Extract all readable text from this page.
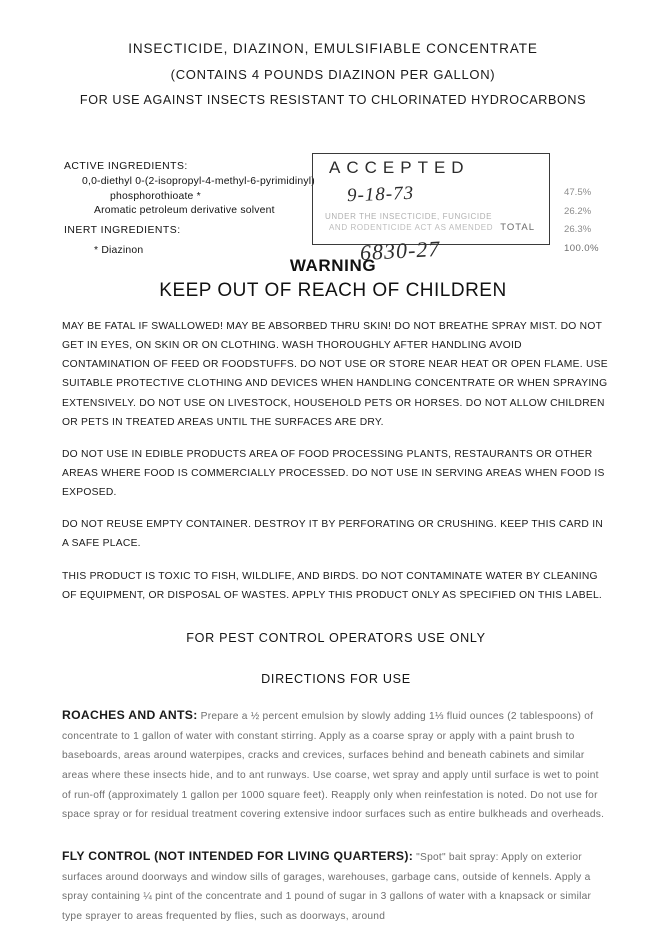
INSECTICIDE, DIAZINON, EMULSIFIABLE CONCENTRATE
(CONTAINS 4 POUNDS DIAZINON PER GALLON)
FOR USE AGAINST INSECTS RESISTANT TO CHLORINATED HYDROCARBONS
ACTIVE INGREDIENTS:
0,0-diethyl 0-(2-isopropyl-4-methyl-6-pyrimidinyl)
phosphorothioate *
Aromatic petroleum derivative solvent
INERT INGREDIENTS:
* Diazinon
47.5%
26.2%
26.3%
100.0%
ACCEPTED
9-18-73
UNDER THE INSECTICIDE, FUNGICIDE
AND RODENTICIDE ACT AS AMENDED TOTAL
6830-27
WARNING
KEEP OUT OF REACH OF CHILDREN

MAY BE FATAL IF SWALLOWED! MAY BE ABSORBED THRU SKIN! DO NOT BREATHE SPRAY MIST. DO NOT GET IN EYES, ON SKIN OR ON CLOTHING. WASH THOROUGHLY AFTER HANDLING AVOID CONTAMINATION OF FEED OR FOODSTUFFS. DO NOT USE OR STORE NEAR HEAT OR OPEN FLAME. USE SUITABLE PROTECTIVE CLOTHING AND DEVICES WHEN HANDLING CONCENTRATE OR WHEN SPRAYING EXTENSIVELY. DO NOT USE ON LIVESTOCK, HOUSEHOLD PETS OR HORSES. DO NOT ALLOW CHILDREN OR PETS IN TREATED AREAS UNTIL THE SURFACES ARE DRY.

DO NOT USE IN EDIBLE PRODUCTS AREA OF FOOD PROCESSING PLANTS, RESTAURANTS OR OTHER AREAS WHERE FOOD IS COMMERCIALLY PROCESSED. DO NOT USE IN SERVING AREAS WHEN FOOD IS EXPOSED.

DO NOT REUSE EMPTY CONTAINER. DESTROY IT BY PERFORATING OR CRUSHING. KEEP THIS CARD IN A SAFE PLACE.

THIS PRODUCT IS TOXIC TO FISH, WILDLIFE, AND BIRDS. DO NOT CONTAMINATE WATER BY CLEANING OF EQUIPMENT, OR DISPOSAL OF WASTES. APPLY THIS PRODUCT ONLY AS SPECIFIED ON THIS LABEL.

FOR PEST CONTROL OPERATORS USE ONLY
DIRECTIONS FOR USE
ROACHES AND ANTS: Prepare a ½ percent emulsion by slowly adding 1⅓ fluid ounces (2 tablespoons) of concentrate to 1 gallon of water with constant stirring. Apply as a coarse spray or apply with a paint brush to baseboards, areas around waterpipes, cracks and crevices, surfaces behind and beneath cabinets and similar areas where these insects hide, and to ant runways. Use coarse, wet spray and apply until surface is wet to point of run-off (approximately 1 gallon per 1000 square feet). Reapply only when reinfestation is noted. Do not use for space spray or for residual treatment covering extensive indoor surfaces such as entire bulkheads and overheads.
FLY CONTROL (NOT INTENDED FOR LIVING QUARTERS): "Spot" bait spray: Apply on exterior surfaces around doorways and window sills of garages, warehouses, garbage cans, outside of kennels. Apply a spray containing ¼ pint of the concentrate and 1 pound of sugar in 3 gallons of water with a knapsack or similar type sprayer to areas frequented by flies, such as doorways, around
